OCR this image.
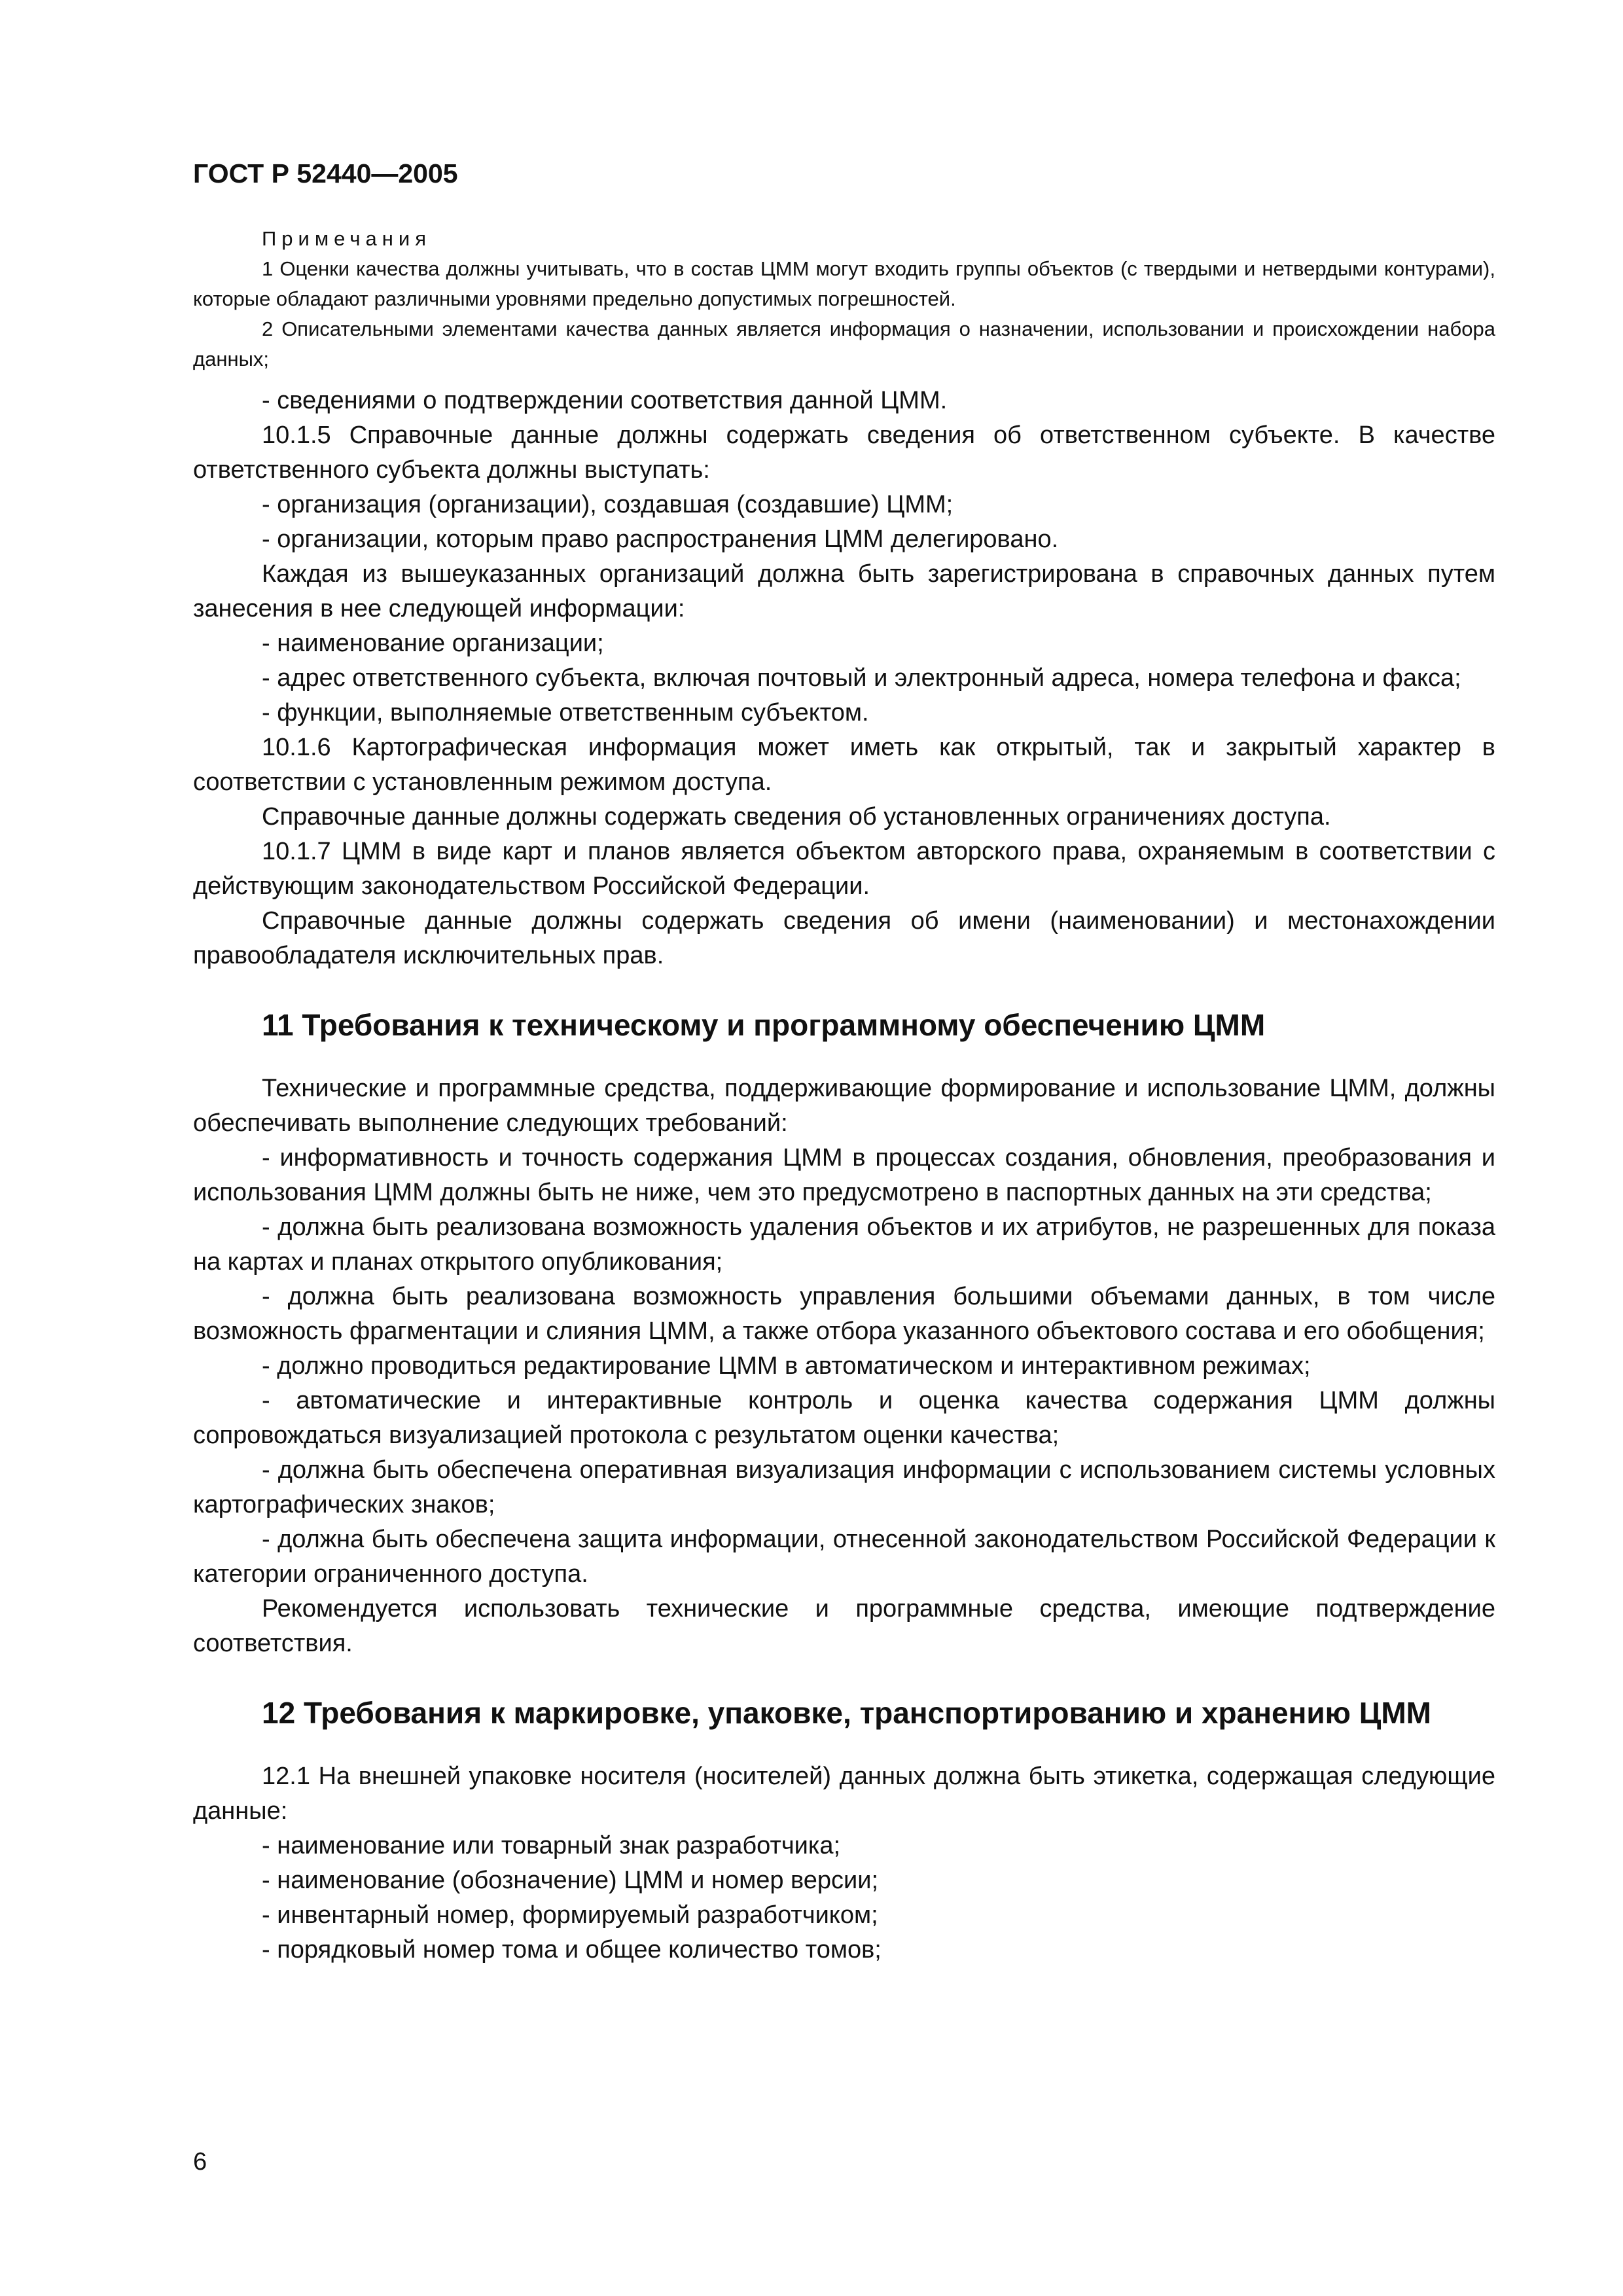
ГОСТ Р 52440—2005
Примечания

1 Оценки качества должны учитывать, что в состав ЦММ могут входить группы объектов (с твердыми и нетвердыми контурами), которые обладают различными уровнями предельно допустимых погрешностей.

2 Описательными элементами качества данных является информация о назначении, использовании и происхождении набора данных;

- сведениями о подтверждении соответствия данной ЦММ.

10.1.5 Справочные данные должны содержать сведения об ответственном субъекте. В качестве ответственного субъекта должны выступать:

- организация (организации), создавшая (создавшие) ЦММ;

- организации, которым право распространения ЦММ делегировано.

Каждая из вышеуказанных организаций должна быть зарегистрирована в справочных данных путем занесения в нее следующей информации:

- наименование организации;

- адрес ответственного субъекта, включая почтовый и электронный адреса, номера телефона и факса;

- функции, выполняемые ответственным субъектом.

10.1.6 Картографическая информация может иметь как открытый, так и закрытый характер в соответствии с установленным режимом доступа.

Справочные данные должны содержать сведения об установленных ограничениях доступа.

10.1.7 ЦММ в виде карт и планов является объектом авторского права, охраняемым в соответствии с действующим законодательством Российской Федерации.

Справочные данные должны содержать сведения об имени (наименовании) и местонахождении правообладателя исключительных прав.

11 Требования к техническому и программному обеспечению ЦММ

Технические и программные средства, поддерживающие формирование и использование ЦММ, должны обеспечивать выполнение следующих требований:

- информативность и точность содержания ЦММ в процессах создания, обновления, преобразования и использования ЦММ должны быть не ниже, чем это предусмотрено в паспортных данных на эти средства;

- должна быть реализована возможность удаления объектов и их атрибутов, не разрешенных для показа на картах и планах открытого опубликования;

- должна быть реализована возможность управления большими объемами данных, в том числе возможность фрагментации и слияния ЦММ, а также отбора указанного объектового состава и его обобщения;

- должно проводиться редактирование ЦММ в автоматическом и интерактивном режимах;

- автоматические и интерактивные контроль и оценка качества содержания ЦММ должны сопровождаться визуализацией протокола с результатом оценки качества;

- должна быть обеспечена оперативная визуализация информации с использованием системы условных картографических знаков;

- должна быть обеспечена защита информации, отнесенной законодательством Российской Федерации к категории ограниченного доступа.

Рекомендуется использовать технические и программные средства, имеющие подтверждение соответствия.

12 Требования к маркировке, упаковке, транспортированию и хранению ЦММ

12.1 На внешней упаковке носителя (носителей) данных должна быть этикетка, содержащая следующие данные:

- наименование или товарный знак разработчика;

- наименование (обозначение) ЦММ и номер версии;

- инвентарный номер, формируемый разработчиком;

- порядковый номер тома и общее количество томов;

6
